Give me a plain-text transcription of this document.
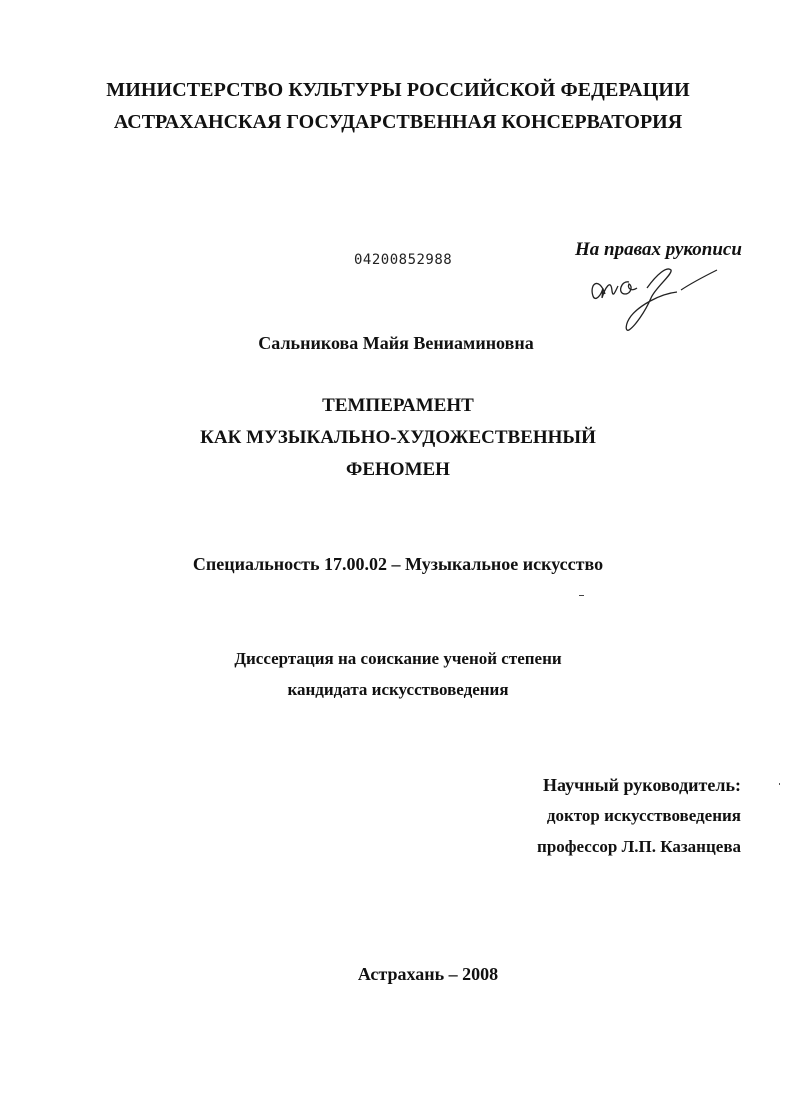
МИНИСТЕРСТВО КУЛЬТУРЫ РОССИЙСКОЙ ФЕДЕРАЦИИ
АСТРАХАНСКАЯ ГОСУДАРСТВЕННАЯ КОНСЕРВАТОРИЯ
04200852988	На правах рукописи
Сальникова Майя Вениаминовна
ТЕМПЕРАМЕНТ
КАК МУЗЫКАЛЬНО-ХУДОЖЕСТВЕННЫЙ
ФЕНОМЕН
Специальность 17.00.02 – Музыкальное искусство
Диссертация на соискание ученой степени
кандидата искусствоведения
Научный руководитель:
доктор искусствоведения
профессор Л.П. Казанцева
Астрахань – 2008
